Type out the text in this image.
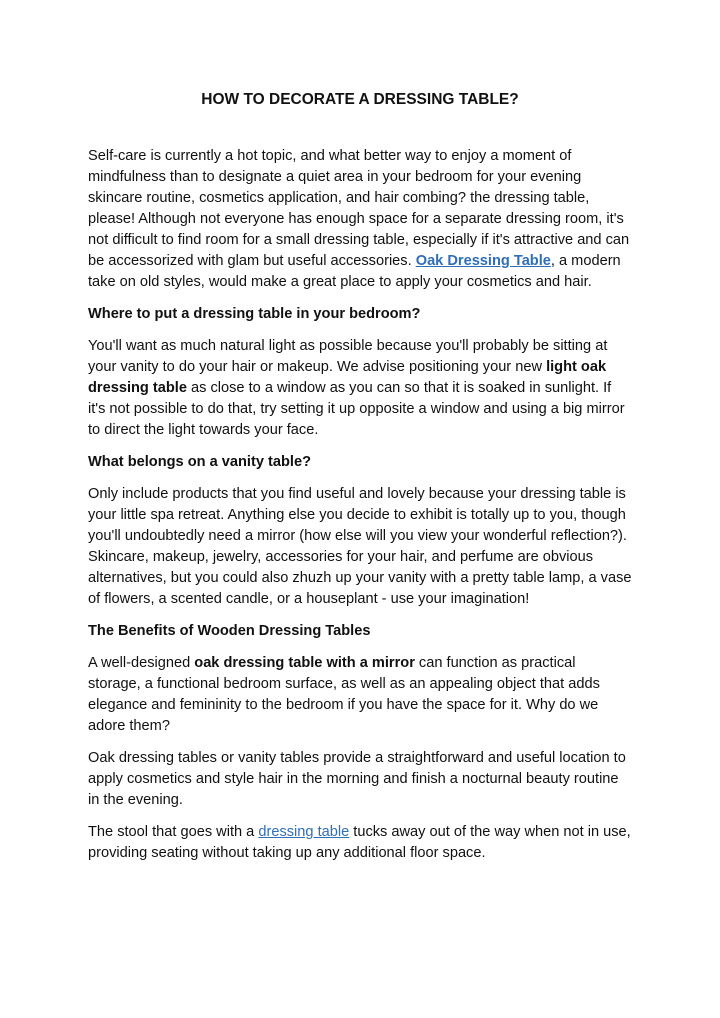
HOW TO DECORATE A DRESSING TABLE?

Self-care is currently a hot topic, and what better way to enjoy a moment of mindfulness than to designate a quiet area in your bedroom for your evening skincare routine, cosmetics application, and hair combing? the dressing table, please! Although not everyone has enough space for a separate dressing room, it's not difficult to find room for a small dressing table, especially if it's attractive and can be accessorized with glam but useful accessories. Oak Dressing Table, a modern take on old styles, would make a great place to apply your cosmetics and hair.

Where to put a dressing table in your bedroom?

You'll want as much natural light as possible because you'll probably be sitting at your vanity to do your hair or makeup. We advise positioning your new light oak dressing table as close to a window as you can so that it is soaked in sunlight. If it's not possible to do that, try setting it up opposite a window and using a big mirror to direct the light towards your face.

What belongs on a vanity table?

Only include products that you find useful and lovely because your dressing table is your little spa retreat. Anything else you decide to exhibit is totally up to you, though you'll undoubtedly need a mirror (how else will you view your wonderful reflection?). Skincare, makeup, jewelry, accessories for your hair, and perfume are obvious alternatives, but you could also zhuzh up your vanity with a pretty table lamp, a vase of flowers, a scented candle, or a houseplant - use your imagination!

The Benefits of Wooden Dressing Tables

A well-designed oak dressing table with a mirror can function as practical storage, a functional bedroom surface, as well as an appealing object that adds elegance and femininity to the bedroom if you have the space for it. Why do we adore them?

Oak dressing tables or vanity tables provide a straightforward and useful location to apply cosmetics and style hair in the morning and finish a nocturnal beauty routine in the evening.

The stool that goes with a dressing table tucks away out of the way when not in use, providing seating without taking up any additional floor space.
